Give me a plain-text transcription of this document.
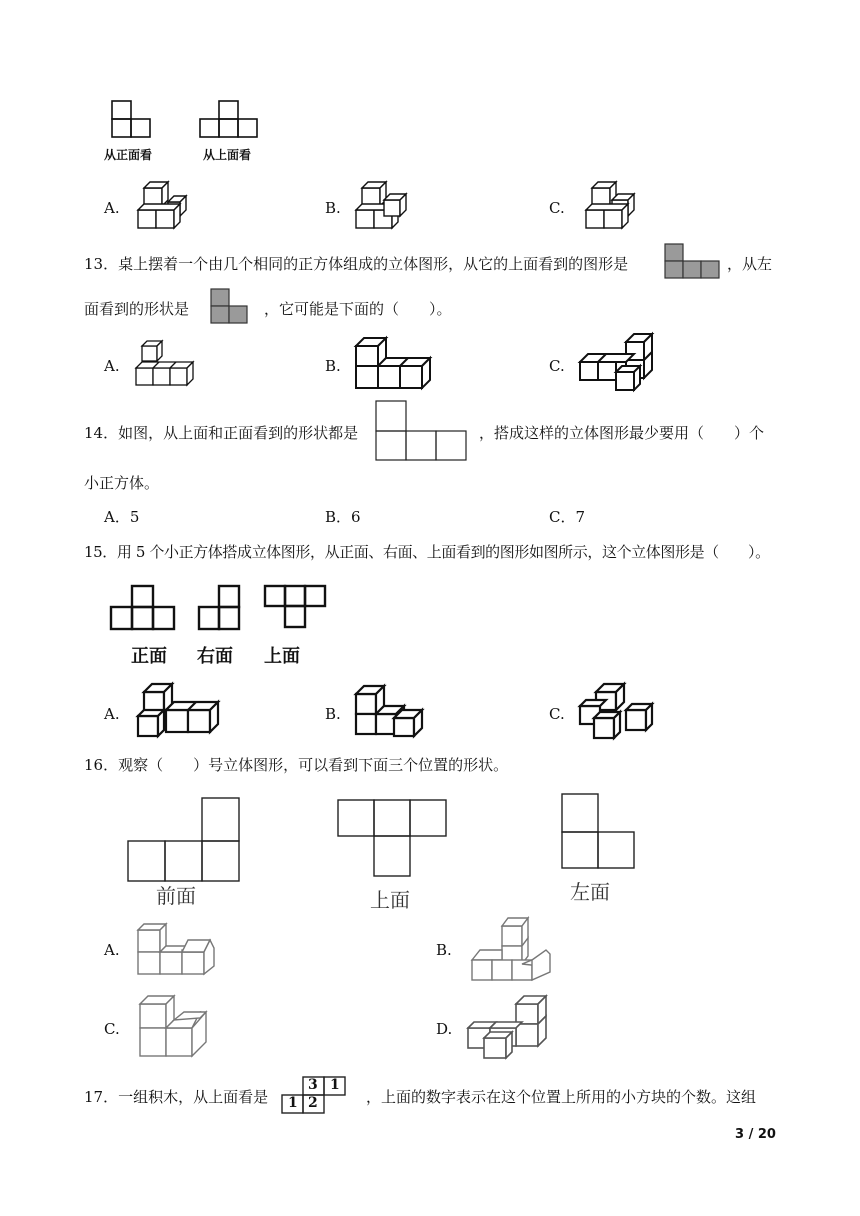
从正面看	从上面看
A.	B.	C.
13．桌上摆着一个由几个相同的正方体组成的立体图形，从它的上面看到的图形是	，从左
面看到的形状是	，它可能是下面的（　　）。
A.	B.	C.
14．如图，从上面和正面看到的形状都是	，搭成这样的立体图形最少要用（　　）个
小正方体。
A．5	B．6	C．7
15．用 5 个小正方体搭成立体图形，从正面、右面、上面看到的图形如图所示，这个立体图形是（　　）。
正面 右面 上面
A.	B.	C.
16．观察（　　）号立体图形，可以看到下面三个位置的形状。
前面	上面	左面
A.	B.
C.	D.
17．一组积木，从上面看是
3 1
1 2	，上面的数字表示在这个位置上所用的小方块的个数。这组
3 / 20
